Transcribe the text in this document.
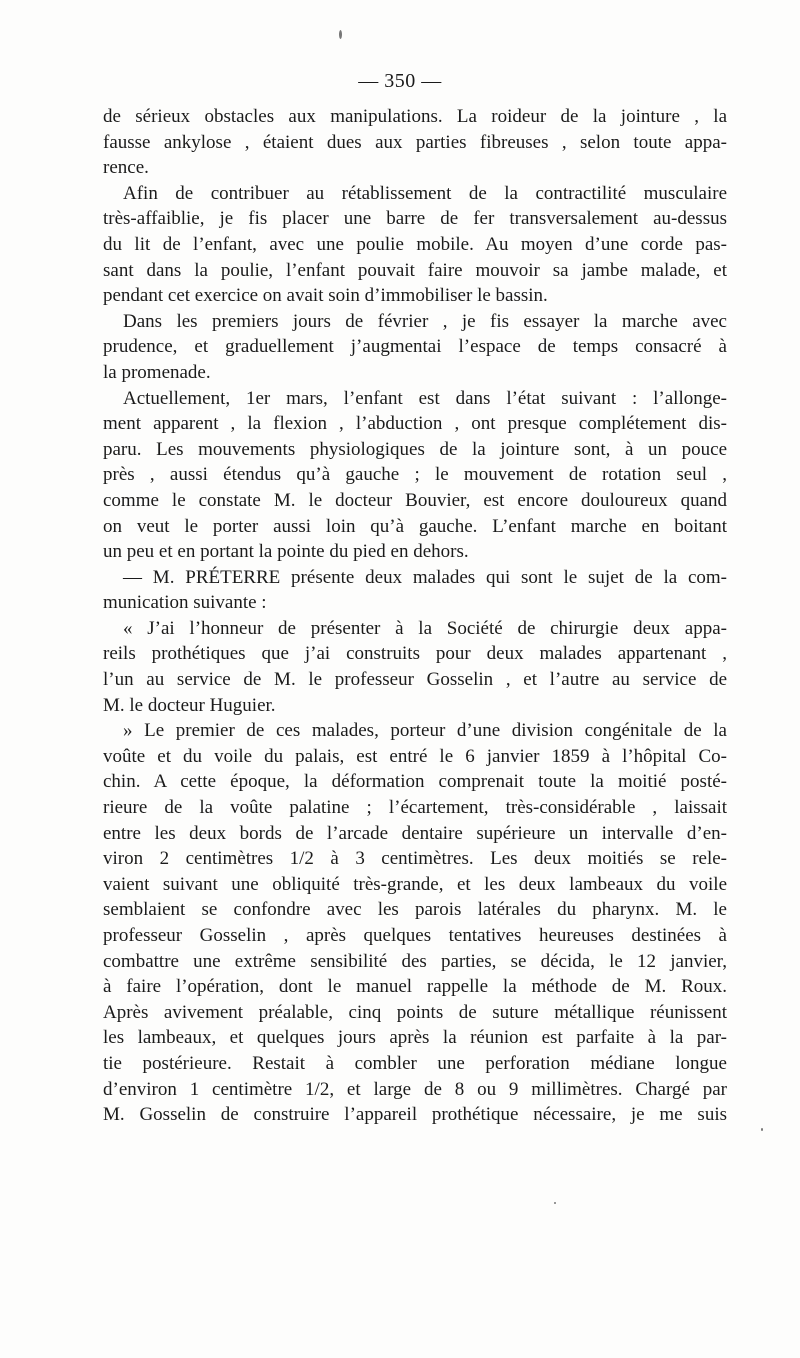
— 350 —
de sérieux obstacles aux manipulations. La roideur de la jointure , la
fausse ankylose , étaient dues aux parties fibreuses , selon toute appa-
rence.
Afin de contribuer au rétablissement de la contractilité musculaire
très-affaiblie, je fis placer une barre de fer transversalement au-dessus
du lit de l’enfant, avec une poulie mobile. Au moyen d’une corde pas-
sant dans la poulie, l’enfant pouvait faire mouvoir sa jambe malade, et
pendant cet exercice on avait soin d’immobiliser le bassin.
Dans les premiers jours de février , je fis essayer la marche avec
prudence, et graduellement j’augmentai l’espace de temps consacré à
la promenade.
Actuellement, 1er mars, l’enfant est dans l’état suivant : l’allonge-
ment apparent , la flexion , l’abduction , ont presque complétement dis-
paru. Les mouvements physiologiques de la jointure sont, à un pouce
près , aussi étendus qu’à gauche ; le mouvement de rotation seul ,
comme le constate M. le docteur Bouvier, est encore douloureux quand
on veut le porter aussi loin qu’à gauche. L’enfant marche en boitant
un peu et en portant la pointe du pied en dehors.
— M. PRÉTERRE présente deux malades qui sont le sujet de la com-
munication suivante :
« J’ai l’honneur de présenter à la Société de chirurgie deux appa-
reils prothétiques que j’ai construits pour deux malades appartenant ,
l’un au service de M. le professeur Gosselin , et l’autre au service de
M. le docteur Huguier.
» Le premier de ces malades, porteur d’une division congénitale de la
voûte et du voile du palais, est entré le 6 janvier 1859 à l’hôpital Co-
chin. A cette époque, la déformation comprenait toute la moitié posté-
rieure de la voûte palatine ; l’écartement, très-considérable , laissait
entre les deux bords de l’arcade dentaire supérieure un intervalle d’en-
viron 2 centimètres 1/2 à 3 centimètres. Les deux moitiés se rele-
vaient suivant une obliquité très-grande, et les deux lambeaux du voile
semblaient se confondre avec les parois latérales du pharynx. M. le
professeur Gosselin , après quelques tentatives heureuses destinées à
combattre une extrême sensibilité des parties, se décida, le 12 janvier,
à faire l’opération, dont le manuel rappelle la méthode de M. Roux.
Après avivement préalable, cinq points de suture métallique réunissent
les lambeaux, et quelques jours après la réunion est parfaite à la par-
tie postérieure. Restait à combler une perforation médiane longue
d’environ 1 centimètre 1/2, et large de 8 ou 9 millimètres. Chargé par
M. Gosselin de construire l’appareil prothétique nécessaire, je me suis
